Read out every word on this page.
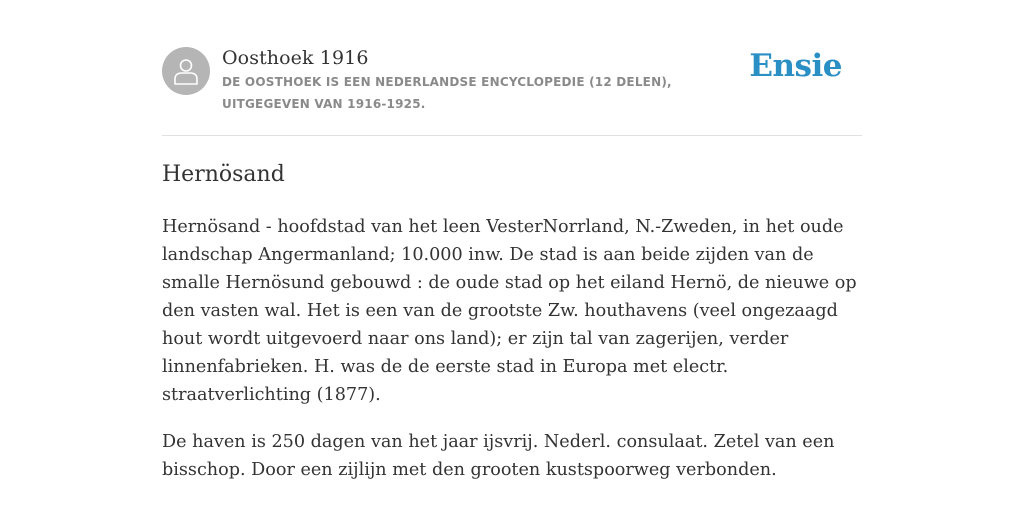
Oosthoek 1916
DE OOSTHOEK IS EEN NEDERLANDSE ENCYCLOPEDIE (12 DELEN), UITGEGEVEN VAN 1916-1925.
Ensie
Hernösand

Hernösand - hoofdstad van het leen VesterNorrland, N.-Zweden, in het oude landschap Angermanland; 10.000 inw. De stad is aan beide zijden van de smalle Hernösund gebouwd : de oude stad op het eiland Hernö, de nieuwe op den vasten wal. Het is een van de grootste Zw. houthavens (veel ongezaagd hout wordt uitgevoerd naar ons land); er zijn tal van zagerijen, verder linnenfabrieken. H. was de de eerste stad in Europa met electr. straatverlichting (1877).

De haven is 250 dagen van het jaar ijsvrij. Nederl. consulaat. Zetel van een bisschop. Door een zijlijn met den grooten kustspoorweg verbonden.
